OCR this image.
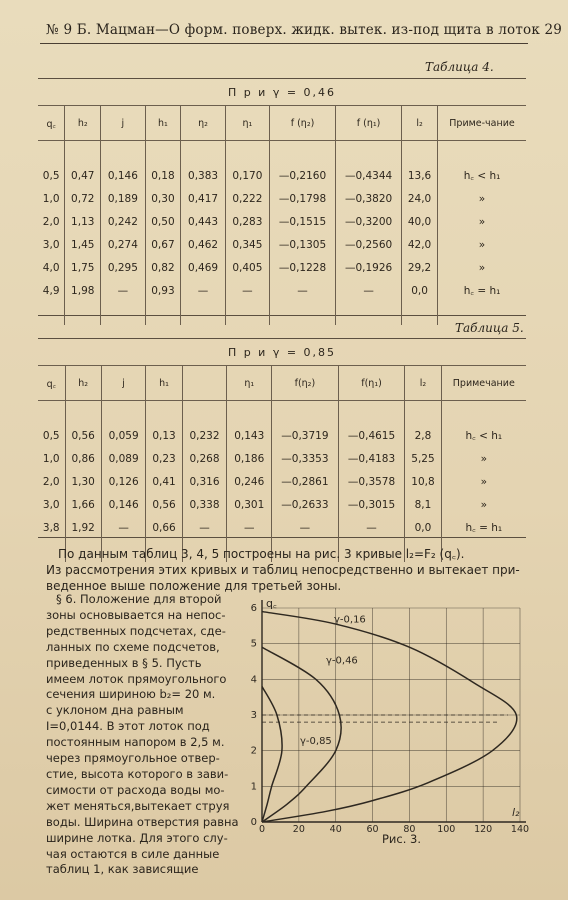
№ 9 Б. Мацман—О форм. поверх. жидк. вытек. из-под щита в лоток 29
Таблица 4.
П р и γ = 0,46									
q꜀	h₂	j	h₁	η₂	η₁	f (η₂)	f (η₁)	l₂	Приме-чание

0,5	0,47	0,146	0,18	0,383	0,170	—0,2160	—0,4344	13,6	h꜀ < h₁
1,0	0,72	0,189	0,30	0,417	0,222	—0,1798	—0,3820	24,0	»
2,0	1,13	0,242	0,50	0,443	0,283	—0,1515	—0,3200	40,0	»
3,0	1,45	0,274	0,67	0,462	0,345	—0,1305	—0,2560	42,0	»
4,0	1,75	0,295	0,82	0,469	0,405	—0,1228	—0,1926	29,2	»
4,9	1,98	—	0,93	—	—	—	—	0,0	h꜀ = h₁

Таблица 5.
П р и γ = 0,85									
q꜀	h₂	j	h₁		η₁	f(η₂)	f(η₁)	l₂	Примечание

0,5	0,56	0,059	0,13	0,232	0,143	—0,3719	—0,4615	2,8	h꜀ < h₁
1,0	0,86	0,089	0,23	0,268	0,186	—0,3353	—0,4183	5,25	»
2,0	1,30	0,126	0,41	0,316	0,246	—0,2861	—0,3578	10,8	»
3,0	1,66	0,146	0,56	0,338	0,301	—0,2633	—0,3015	8,1	»
3,8	1,92	—	0,66	—	—	—	—	0,0	h꜀ = h₁

По данным таблиц 3, 4, 5 построены на рис. 3 кривые l₂=F₂ (q꜀).

Из рассмотрения этих кривых и таблиц непосредственно и вытекает при-

веденное выше положение для третьей зоны.

§ 6. Положение для второй

зоны основывается на непос-

редственных подсчетах, сде-

ланных по схеме подсчетов,

приведенных в § 5. Пусть

имеем лоток прямоугольного

сечения шириною b₂= 20 м.

с уклоном дна равным

I=0,0144. В этот лоток под

постоянным напором в 2,5 м.

через прямоугольное отвер-

стие, высота которого в зави-

симости от расхода воды мо-

жет меняться,вытекает струя

воды. Ширина отверстия равна

ширине лотка. Для этого слу-

чая остаются в силе данные

таблиц 1, как зависящие

0	20	40	60	80 100 120 140
0
1
2
3
4
5
6 q꜀
l₂
γ-0,16
γ-0,46
γ-0,85
Рис. 3.
